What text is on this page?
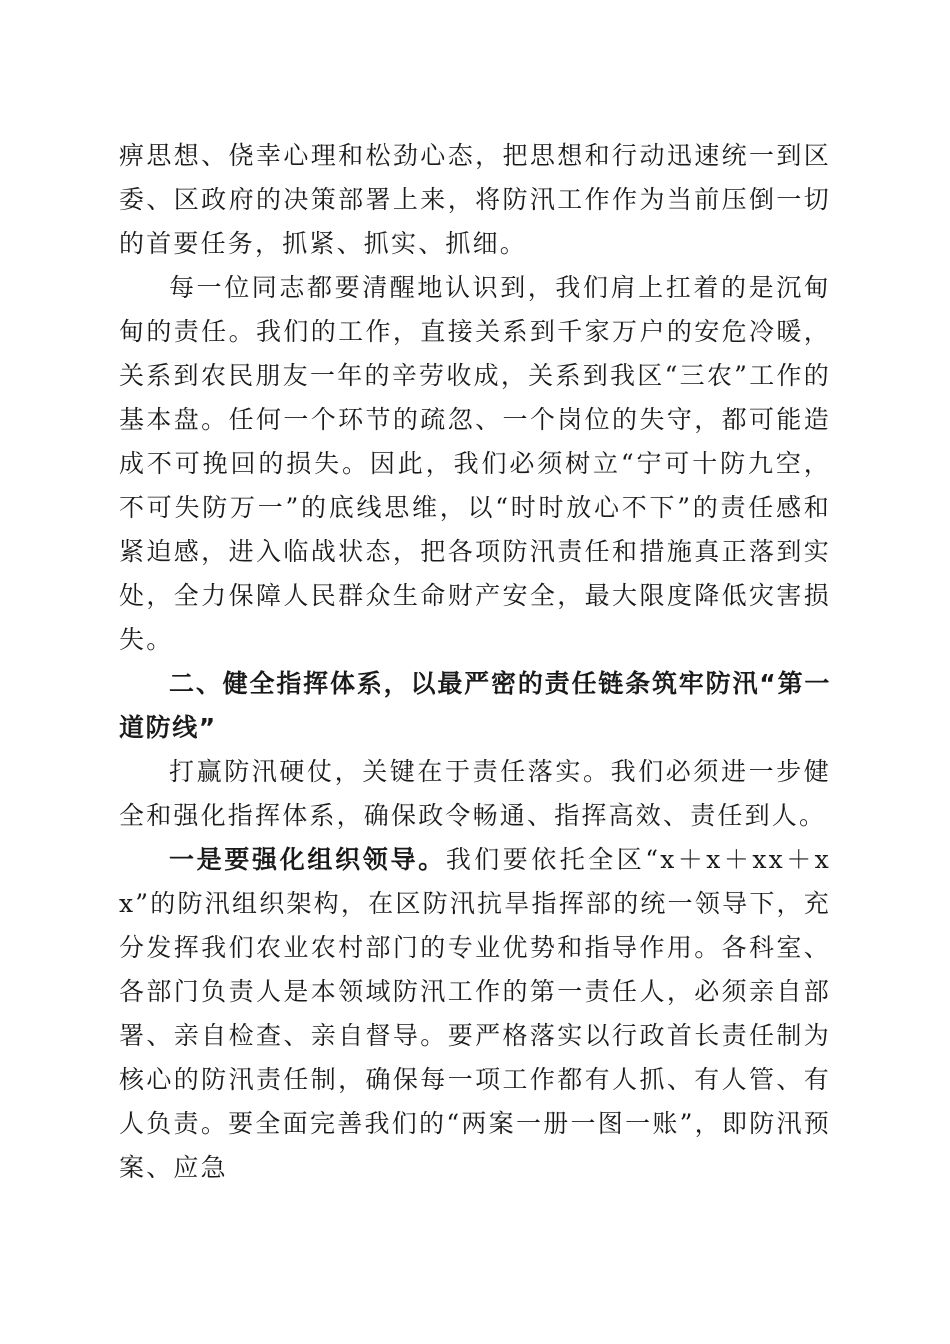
痹思想、侥幸心理和松劲心态，把思想和行动迅速统一到区委、区政府的决策部署上来，将防汛工作作为当前压倒一切的首要任务，抓紧、抓实、抓细。

每一位同志都要清醒地认识到，我们肩上扛着的是沉甸甸的责任。我们的工作，直接关系到千家万户的安危冷暖，关系到农民朋友一年的辛劳收成，关系到我区“三农”工作的基本盘。任何一个环节的疏忽、一个岗位的失守，都可能造成不可挽回的损失。因此，我们必须树立“宁可十防九空，不可失防万一”的底线思维，以“时时放心不下”的责任感和紧迫感，进入临战状态，把各项防汛责任和措施真正落到实处，全力保障人民群众生命财产安全，最大限度降低灾害损失。

二、健全指挥体系，以最严密的责任链条筑牢防汛“第一道防线”

打赢防汛硬仗，关键在于责任落实。我们必须进一步健全和强化指挥体系，确保政令畅通、指挥高效、责任到人。

一是要强化组织领导。我们要依托全区“x＋x＋xx＋xx”的防汛组织架构，在区防汛抗旱指挥部的统一领导下，充分发挥我们农业农村部门的专业优势和指导作用。各科室、各部门负责人是本领域防汛工作的第一责任人，必须亲自部署、亲自检查、亲自督导。要严格落实以行政首长责任制为核心的防汛责任制，确保每一项工作都有人抓、有人管、有人负责。要全面完善我们的“两案一册一图一账”，即防汛预案、应急
